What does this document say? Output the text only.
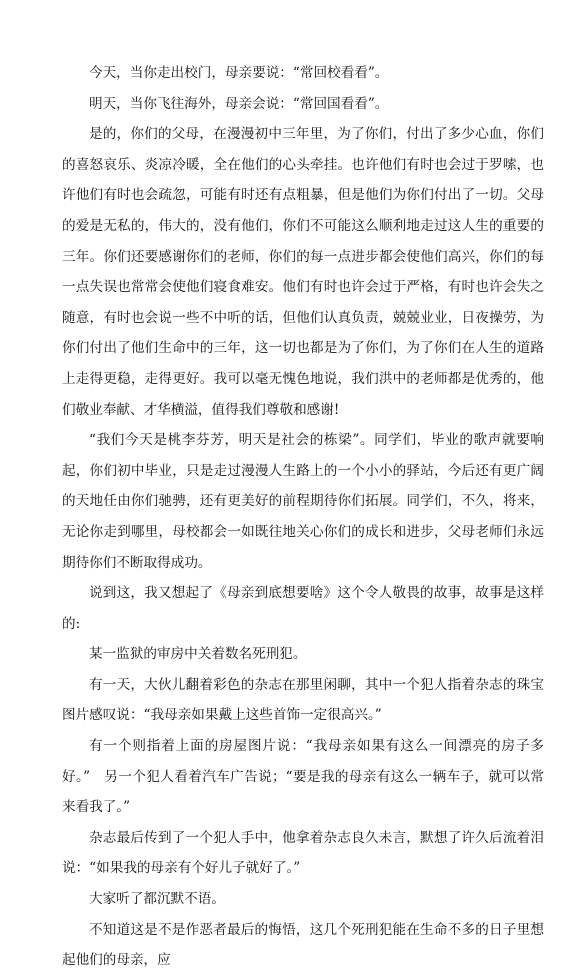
今天，当你走出校门，母亲要说：“常回校看看”。

明天，当你飞往海外，母亲会说：“常回国看看”。

是的，你们的父母，在漫漫初中三年里，为了你们，付出了多少心血，你们的喜怒哀乐、炎凉冷暖，全在他们的心头牵挂。也许他们有时也会过于罗嗦，也许他们有时也会疏忽，可能有时还有点粗暴，但是他们为你们付出了一切。父母的爱是无私的，伟大的，没有他们，你们不可能这么顺利地走过这人生的重要的三年。你们还要感谢你们的老师，你们的每一点进步都会使他们高兴，你们的每一点失误也常常会使他们寝食难安。他们有时也许会过于严格，有时也许会失之随意，有时也会说一些不中听的话，但他们认真负责，兢兢业业，日夜操劳，为你们付出了他们生命中的三年，这一切也都是为了你们，为了你们在人生的道路上走得更稳，走得更好。我可以毫无愧色地说，我们洪中的老师都是优秀的，他们敬业奉献、才华横溢，值得我们尊敬和感谢!

“我们今天是桃李芬芳，明天是社会的栋梁”。同学们，毕业的歌声就要响起，你们初中毕业，只是走过漫漫人生路上的一个小小的驿站，今后还有更广阔的天地任由你们驰骋，还有更美好的前程期待你们拓展。同学们，不久，将来，无论你走到哪里，母校都会一如既往地关心你们的成长和进步，父母老师们永远期待你们不断取得成功。

说到这，我又想起了《母亲到底想要啥》这个令人敬畏的故事，故事是这样的:

某一监狱的审房中关着数名死刑犯。

有一天，大伙儿翻着彩色的杂志在那里闲聊，其中一个犯人指着杂志的珠宝图片感叹说：“我母亲如果戴上这些首饰一定很高兴。”

有一个则指着上面的房屋图片说：“我母亲如果有这么一间漂亮的房子多好。”　另一个犯人看着汽车广告说；“要是我的母亲有这么一辆车子，就可以常来看我了。”

杂志最后传到了一个犯人手中，他拿着杂志良久未言，默想了许久后流着泪说：“如果我的母亲有个好儿子就好了。”

大家听了都沉默不语。

不知道这是不是作恶者最后的悔悟，这几个死刑犯能在生命不多的日子里想起他们的母亲，应
